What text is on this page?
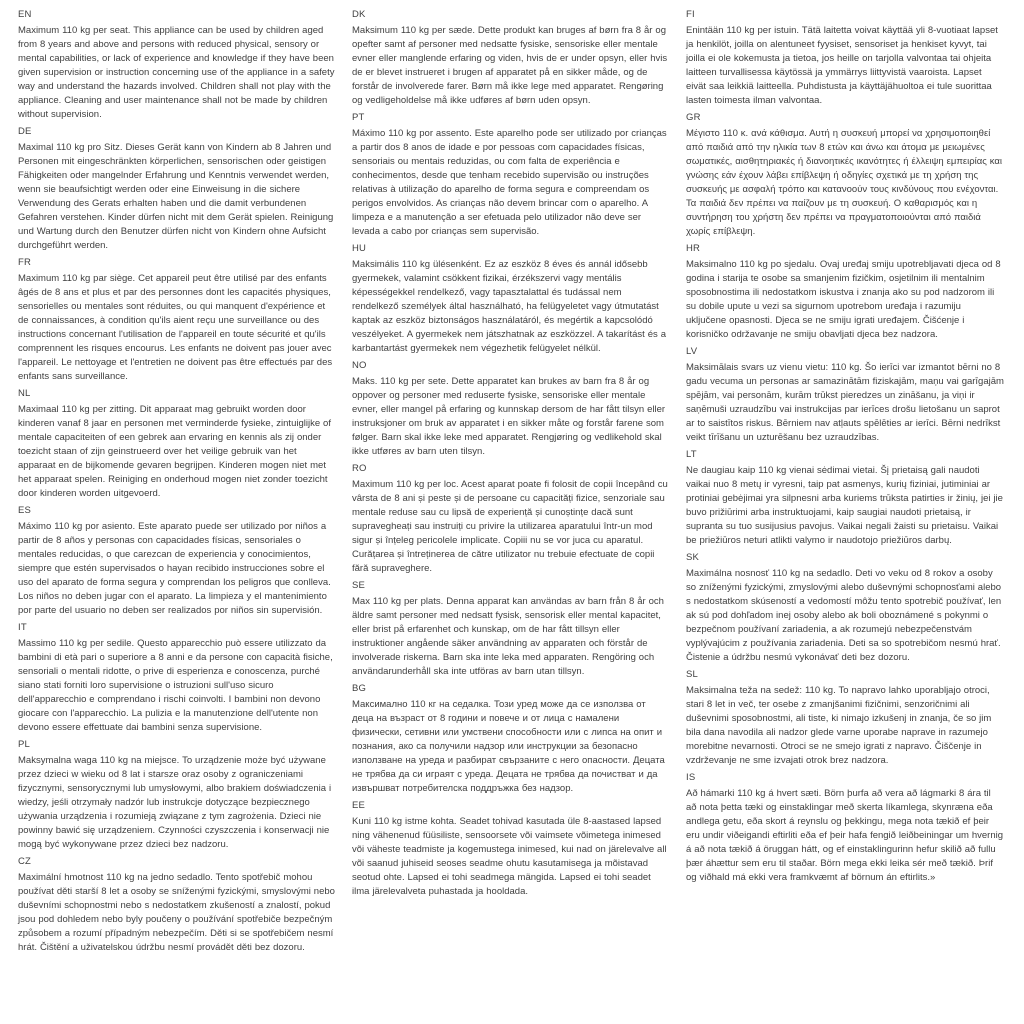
EN

Maximum 110 kg per seat. This appliance can be used by children aged from 8 years and above and persons with reduced physical, sensory or mental capabilities, or lack of experience and knowledge if they have been given supervision or instruction concerning use of the appliance in a safety way and understand the hazards involved. Children shall not play with the appliance. Cleaning and user maintenance shall not be made by children without supervision.

DE

Maximal 110 kg pro Sitz. Dieses Gerät kann von Kindern ab 8 Jahren und Personen mit eingeschränkten körperlichen, sensorischen oder geistigen Fähigkeiten oder mangelnder Erfahrung und Kenntnis verwendet werden, wenn sie beaufsichtigt werden oder eine Einweisung in die sichere Verwendung des Gerats erhalten haben und die damit verbundenen Gefahren verstehen. Kinder dürfen nicht mit dem Gerät spielen. Reinigung und Wartung durch den Benutzer dürfen nicht von Kindern ohne Aufsicht durchgeführt werden.

FR

Maximum 110 kg par siège. Cet appareil peut être utilisé par des enfants âgés de 8 ans et plus et par des personnes dont les capacités physiques, sensorielles ou mentales sont réduites, ou qui manquent d'expérience et de connaissances, à condition qu'ils aient reçu une surveillance ou des instructions concernant l'utilisation de l'appareil en toute sécurité et qu'ils comprennent les risques encourus. Les enfants ne doivent pas jouer avec l'appareil. Le nettoyage et l'entretien ne doivent pas être effectués par des enfants sans surveillance.

NL

Maximaal 110 kg per zitting. Dit apparaat mag gebruikt worden door kinderen vanaf 8 jaar en personen met verminderde fysieke, zintuiglijke of mentale capaciteiten of een gebrek aan ervaring en kennis als zij onder toezicht staan of zijn geinstrueerd over het veilige gebruik van het apparaat en de bijkomende gevaren begrijpen. Kinderen mogen niet met het apparaat spelen. Reiniging en onderhoud mogen niet zonder toezicht door kinderen worden uitgevoerd.

ES

Máximo 110 kg por asiento. Este aparato puede ser utilizado por niños a partir de 8 años y personas con capacidades físicas, sensoriales o mentales reducidas, o que carezcan de experiencia y conocimientos, siempre que estén supervisados o hayan recibido instrucciones sobre el uso del aparato de forma segura y comprendan los peligros que conlleva. Los niños no deben jugar con el aparato. La limpieza y el mantenimiento por parte del usuario no deben ser realizados por niños sin supervisión.

IT

Massimo 110 kg per sedile. Questo apparecchio può essere utilizzato da bambini di età pari o superiore a 8 anni e da persone con capacità fisiche, sensoriali o mentali ridotte, o prive di esperienza e conoscenza, purché siano stati forniti loro supervisione o istruzioni sull'uso sicuro dell'apparecchio e comprendano i rischi coinvolti. I bambini non devono giocare con l'apparecchio. La pulizia e la manutenzione dell'utente non devono essere effettuate dai bambini senza supervisione.

PL

Maksymalna waga 110 kg na miejsce. To urządzenie może być używane przez dzieci w wieku od 8 lat i starsze oraz osoby z ograniczeniami fizycznymi, sensorycznymi lub umysłowymi, albo brakiem doświadczenia i wiedzy, jeśli otrzymały nadzór lub instrukcje dotyczące bezpiecznego używania urządzenia i rozumieją związane z tym zagrożenia. Dzieci nie powinny bawić się urządzeniem. Czynności czyszczenia i konserwacji nie mogą być wykonywane przez dzieci bez nadzoru.

CZ

Maximální hmotnost 110 kg na jedno sedadlo. Tento spotřebič mohou používat děti starší 8 let a osoby se sníženými fyzickými, smyslovými nebo duševními schopnostmi nebo s nedostatkem zkušeností a znalostí, pokud jsou pod dohledem nebo byly poučeny o používání spotřebiče bezpečným způsobem a rozumí případným nebezpečím. Děti si se spotřebičem nesmí hrát. Čištění a uživatelskou údržbu nesmí provádět děti bez dozoru.

DK

Maksimum 110 kg per sæde. Dette produkt kan bruges af børn fra 8 år og opefter samt af personer med nedsatte fysiske, sensoriske eller mentale evner eller manglende erfaring og viden, hvis de er under opsyn, eller hvis de er blevet instrueret i brugen af apparatet på en sikker måde, og de forstår de involverede farer. Børn må ikke lege med apparatet. Rengøring og vedligeholdelse må ikke udføres af børn uden opsyn.

PT

Máximo 110 kg por assento. Este aparelho pode ser utilizado por crianças a partir dos 8 anos de idade e por pessoas com capacidades físicas, sensoriais ou mentais reduzidas, ou com falta de experiência e conhecimentos, desde que tenham recebido supervisão ou instruções relativas à utilização do aparelho de forma segura e compreendam os perigos envolvidos. As crianças não devem brincar com o aparelho. A limpeza e a manutenção a ser efetuada pelo utilizador não deve ser levada a cabo por crianças sem supervisão.

HU

Maksimális 110 kg ülésenként. Ez az eszköz 8 éves és annál idősebb gyermekek, valamint csökkent fizikai, érzékszervi vagy mentális képességekkel rendelkező, vagy tapasztalattal és tudással nem rendelkező személyek által használható, ha felügyeletet vagy útmutatást kaptak az eszköz biztonságos használatáról, és megértik a kapcsolódó veszélyeket. A gyermekek nem játszhatnak az eszközzel. A takarítást és a karbantartást gyermekek nem végezhetik felügyelet nélkül.

NO

Maks. 110 kg per sete. Dette apparatet kan brukes av barn fra 8 år og oppover og personer med reduserte fysiske, sensoriske eller mentale evner, eller mangel på erfaring og kunnskap dersom de har fått tilsyn eller instruksjoner om bruk av apparatet i en sikker måte og forstår farene som følger. Barn skal ikke leke med apparatet. Rengjøring og vedlikehold skal ikke utføres av barn uten tilsyn.

RO

Maximum 110 kg per loc. Acest aparat poate fi folosit de copii începând cu vârsta de 8 ani și peste și de persoane cu capacități fizice, senzoriale sau mentale reduse sau cu lipsă de experiență și cunoștințe dacă sunt supravegheați sau instruiți cu privire la utilizarea aparatului într-un mod sigur și înțeleg pericolele implicate. Copiii nu se vor juca cu aparatul. Curățarea și întreținerea de către utilizator nu trebuie efectuate de copii fără supraveghere.

SE

Max 110 kg per plats. Denna apparat kan användas av barn från 8 år och äldre samt personer med nedsatt fysisk, sensorisk eller mental kapacitet, eller brist på erfarenhet och kunskap, om de har fått tillsyn eller instruktioner angående säker användning av apparaten och förstår de involverade riskerna. Barn ska inte leka med apparaten. Rengöring och användarunderhåll ska inte utföras av barn utan tillsyn.

BG

Максимално 110 кг на седалка. Този уред може да се използва от деца на възраст от 8 години и повече и от лица с намалени физически, сетивни или умствени способности или с липса на опит и познания, ако са получили надзор или инструкции за безопасно използване на уреда и разбират свързаните с него опасности. Децата не трябва да си играят с уреда. Децата не трябва да почистват и да извършват потребителска поддръжка без надзор.

EE

Kuni 110 kg istme kohta. Seadet tohivad kasutada üle 8-aastased lapsed ning vähenenud füüsiliste, sensoorsete või vaimsete võimetega inimesed või väheste teadmiste ja kogemustega inimesed, kui nad on järelevalve all või saanud juhiseid seoses seadme ohutu kasutamisega ja mõistavad seotud ohte. Lapsed ei tohi seadmega mängida. Lapsed ei tohi seadet ilma järelevalveta puhastada ja hooldada.

FI

Enintään 110 kg per istuin. Tätä laitetta voivat käyttää yli 8-vuotiaat lapset ja henkilöt, joilla on alentuneet fyysiset, sensoriset ja henkiset kyvyt, tai joilla ei ole kokemusta ja tietoa, jos heille on tarjolla valvontaa tai ohjeita laitteen turvallisessa käytössä ja ymmärrys liittyvistä vaaroista. Lapset eivät saa leikkiä laitteella. Puhdistusta ja käyttäjähuoltoa ei tule suorittaa lasten toimesta ilman valvontaa.

GR

Μέγιστο 110 κ. ανά κάθισμα. Αυτή η συσκευή μπορεί να χρησιμοποιηθεί από παιδιά από την ηλικία των 8 ετών και άνω και άτομα με μειωμένες σωματικές, αισθητηριακές ή διανοητικές ικανότητες ή έλλειψη εμπειρίας και γνώσης εάν έχουν λάβει επίβλεψη ή οδηγίες σχετικά με τη χρήση της συσκευής με ασφαλή τρόπο και κατανοούν τους κινδύνους που ενέχονται. Τα παιδιά δεν πρέπει να παίζουν με τη συσκευή. Ο καθαρισμός και η συντήρηση του χρήστη δεν πρέπει να πραγματοποιούνται από παιδιά χωρίς επίβλεψη.

HR

Maksimalno 110 kg po sjedalu. Ovaj uređaj smiju upotrebljavati djeca od 8 godina i starija te osobe sa smanjenim fizičkim, osjetilnim ili mentalnim sposobnostima ili nedostatkom iskustva i znanja ako su pod nadzorom ili su dobile upute u vezi sa sigurnom upotrebom uređaja i razumiju uključene opasnosti. Djeca se ne smiju igrati uređajem. Čišćenje i korisničko održavanje ne smiju obavljati djeca bez nadzora.

LV

Maksimālais svars uz vienu vietu: 110 kg. Šo ierīci var izmantot bērni no 8 gadu vecuma un personas ar samazinātām fiziskajām, maņu vai garīgajām spējām, vai personām, kurām trūkst pieredzes un zināšanu, ja viņi ir saņēmuši uzraudzību vai instrukcijas par ierīces drošu lietošanu un saprot ar to saistītos riskus. Bērniem nav atļauts spēlēties ar ierīci. Bērni nedrīkst veikt tīrīšanu un uzturēšanu bez uzraudzības.

LT

Ne daugiau kaip 110 kg vienai sėdimai vietai. Šį prietaisą gali naudoti vaikai nuo 8 metų ir vyresni, taip pat asmenys, kurių fiziniai, jutiminiai ar protiniai gebėjimai yra silpnesni arba kuriems trūksta patirties ir žinių, jei jie buvo prižiūrimi arba instruktuojami, kaip saugiai naudoti prietaisą, ir supranta su tuo susijusius pavojus. Vaikai negali žaisti su prietaisu. Vaikai be priežiūros neturi atlikti valymo ir naudotojo priežiūros darbų.

SK

Maximálna nosnosť 110 kg na sedadlo. Deti vo veku od 8 rokov a osoby so zníženými fyzickými, zmyslovými alebo duševnými schopnosťami alebo s nedostatkom skúseností a vedomostí môžu tento spotrebič používať, len ak sú pod dohľadom inej osoby alebo ak boli oboznámené s pokynmi o bezpečnom používaní zariadenia, a ak rozumejú nebezpečenstvám vyplývajúcim z používania zariadenia. Deti sa so spotrebičom nesmú hrať. Čistenie a údržbu nesmú vykonávať deti bez dozoru.

SL

Maksimalna teža na sedež: 110 kg. To napravo lahko uporabljajo otroci, stari 8 let in več, ter osebe z zmanjšanimi fizičnimi, senzoričnimi ali duševnimi sposobnostmi, ali tiste, ki nimajo izkušenj in znanja, če so jim bila dana navodila ali nadzor glede varne uporabe naprave in razumejo morebitne nevarnosti. Otroci se ne smejo igrati z napravo. Čiščenje in vzdrževanje ne sme izvajati otrok brez nadzora.

IS

Að hámarki 110 kg á hvert sæti. Börn þurfa að vera að lágmarki 8 ára til að nota þetta tæki og einstaklingar með skerta líkamlega, skynræna eða andlega getu, eða skort á reynslu og þekkingu, mega nota tækið ef þeir eru undir viðeigandi eftirliti eða ef þeir hafa fengið leiðbeiningar um hvernig á að nota tækið á öruggan hátt, og ef einstaklingurinn hefur skilið að fullu þær áhættur sem eru til staðar. Börn mega ekki leika sér með tækið. Þrif og viðhald má ekki vera framkvæmt af börnum án eftirlits.»
